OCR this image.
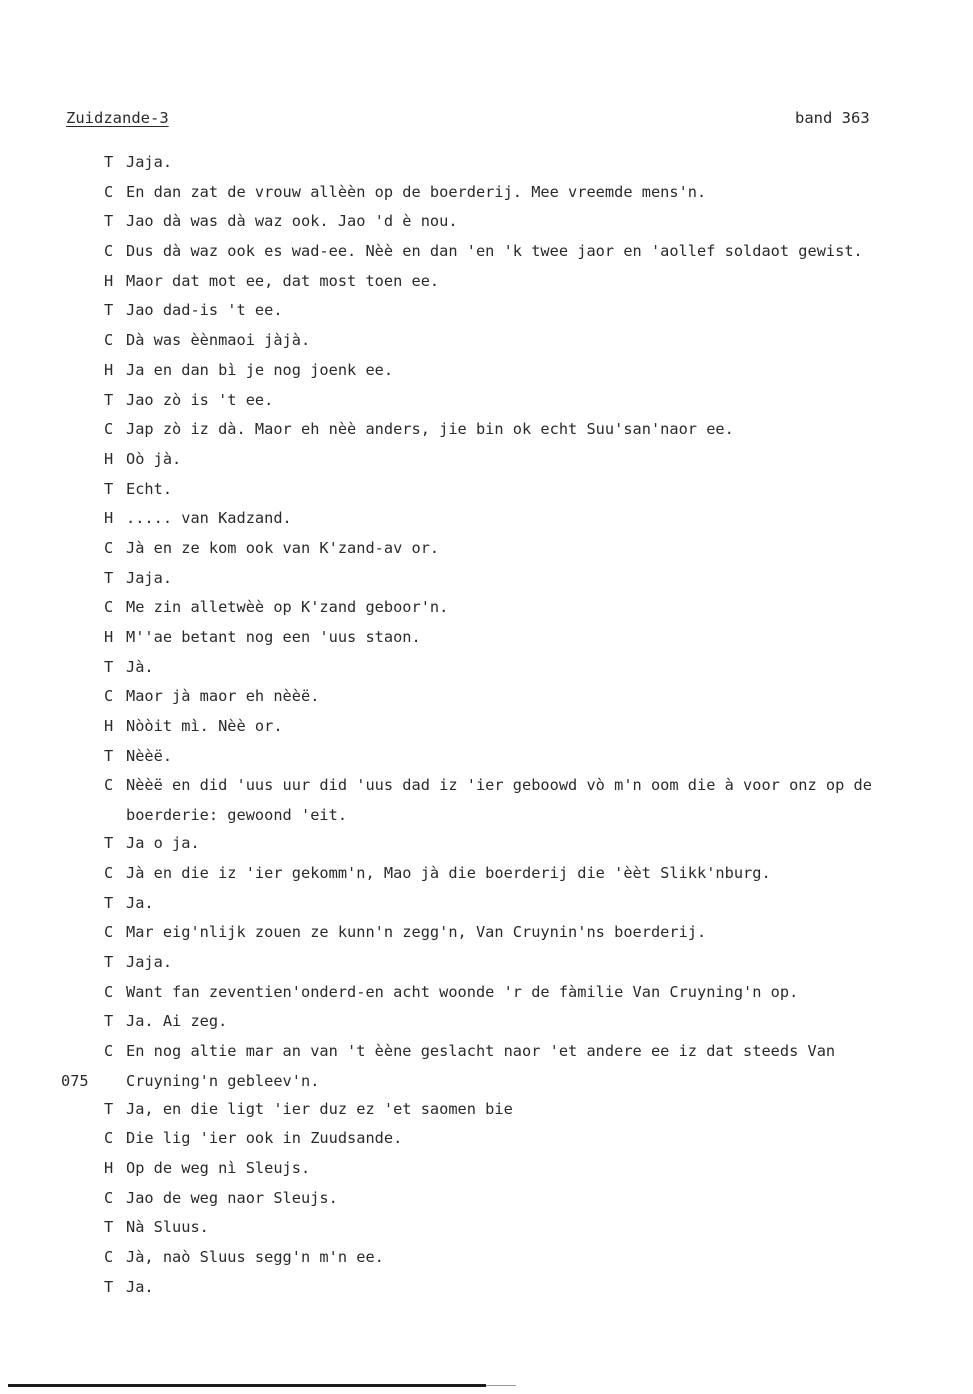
Zuidzande-3	band 363
T Jaja.
C En dan zat de vrouw allèèn op de boerderij. Mee vreemde mens'n.
T Jao dà was dà waz ook. Jao 'd è nou.
C Dus dà waz ook es wad-ee. Nèè en dan 'en 'k twee jaor en 'aollef soldaot gewist.
H Maor dat mot ee, dat most toen ee.
T Jao dad-is 't ee.
C Dà was èènmaoi jàjà.
H Ja en dan bì je nog joenk ee.
T Jao zò is 't ee.
C Jap zò iz dà. Maor eh nèè anders, jie bin ok echt Suu'san'naor ee.
H Oò jà.
T Echt.
H ..... van Kadzand.
C Jà en ze kom ook van K'zand-av or.
T Jaja.
C Me zin alletwèè op K'zand geboor'n.
H M''ae betant nog een 'uus staon.
T Jà.
C Maor jà maor eh nèèë.
H Nòòit mì. Nèè or.
T Nèèë.
C Nèèë en did 'uus uur did 'uus dad iz 'ier geboowd vò m'n oom die à voor onz op de
boerderie: gewoond 'eit.
T Ja o ja.
C Jà en die iz 'ier gekomm'n, Mao jà die boerderij die 'èèt Slikk'nburg.
T Ja.
C Mar eig'nlijk zouen ze kunn'n zegg'n, Van Cruynin'ns boerderij.
T Jaja.
C Want fan zeventien'onderd-en acht woonde 'r de fàmilie Van Cruyning'n op.
T Ja. Ai zeg.
C En nog altie mar an van 't èène geslacht naor 'et andere ee iz dat steeds Van
075 Cruyning'n gebleev'n.
T Ja, en die ligt 'ier duz ez 'et saomen bie
C Die lig 'ier ook in Zuudsande.
H Op de weg nì Sleujs.
C Jao de weg naor Sleujs.
T Nà Sluus.
C Jà, naò Sluus segg'n m'n ee.
T Ja.
